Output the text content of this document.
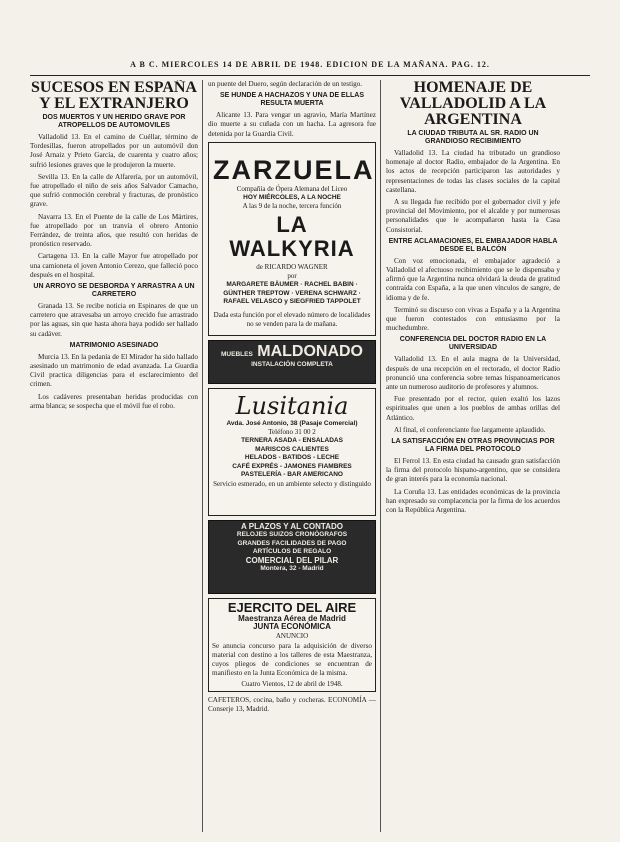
A B C. MIERCOLES 14 DE ABRIL DE 1948. EDICION DE LA MAÑANA. PAG. 12.
SUCESOS EN ESPAÑA Y EL EXTRANJERO
DOS MUERTOS Y UN HERIDO GRAVE POR ATROPELLOS DE AUTOMOVILES

Valladolid 13. En el camino de Cuéllar, término de Tordesillas, fueron atropellados por un automóvil don José Arnaiz y Prieto García, de cuarenta y cuatro años; sufrió lesiones graves que le produjeron la muerte.

Sevilla 13. En la calle de Alfarería, por un automóvil, fue atropellado el niño de seis años Salvador Camacho, que sufrió conmoción cerebral y fracturas, de pronóstico grave.

Navarra 13. En el Puente de la calle de Los Mártires, fue atropellado por un tranvía el obrero Antonio Ferrández, de treinta años, que resultó con heridas de pronóstico reservado.

Cartagena 13. En la calle Mayor fue atropellado por una camioneta el joven Antonio Cerezo, que falleció poco después en el hospital.

UN ARROYO SE DESBORDA Y ARRASTRA A UN CARRETERO

Granada 13. Se recibe noticia en Espinares de que un carretero que atravesaba un arroyo crecido fue arrastrado por las aguas, sin que hasta ahora haya podido ser hallado su cadáver.

MATRIMONIO ASESINADO

Murcia 13. En la pedanía de El Mirador ha sido hallado asesinado un matrimonio de edad avanzada. La Guardia Civil practica diligencias para el esclarecimiento del crimen.

Los cadáveres presentaban heridas producidas con arma blanca; se sospecha que el móvil fue el robo.

un puente del Duero, según declaración de un testigo.

SE HUNDE A HACHAZOS Y UNA DE ELLAS RESULTA MUERTA

Alicante 13. Para vengar un agravio, María Martínez dio muerte a su cuñada con un hacha. La agresora fue detenida por la Guardia Civil.

ZARZUELA
Compañía de Ópera Alemana del Liceo
HOY MIÉRCOLES, A LA NOCHE
A las 9 de la noche, tercera función
LA WALKYRIA
de RICARDO WAGNER
por
MARGARETE BÄUMER · RACHEL BABIN · GÜNTHER TREPTOW · VERENA SCHWARZ · RAFAEL VELASCO y SIEGFRIED TAPPOLET
Dada esta función por el elevado número de localidades no se venden para la de mañana.
MUEBLES MALDONADO
INSTALACIÓN COMPLETA
Lusitania
Avda. José Antonio, 38 (Pasaje Comercial)
Teléfono 31 00 2
TERNERA ASADA - ENSALADAS
MARISCOS CALIENTES
HELADOS - BATIDOS - LECHE
CAFÉ EXPRÉS - JAMONES FIAMBRES
PASTELERÍA - BAR AMERICANO
Servicio esmerado, en un ambiente selecto y distinguido
A PLAZOS Y AL CONTADO
RELOJES SUIZOS CRONÓGRAFOS
GRANDES FACILIDADES DE PAGO
ARTÍCULOS DE REGALO
COMERCIAL DEL PILAR
Montera, 32 - Madrid
EJERCITO DEL AIRE
Maestranza Aérea de Madrid
JUNTA ECONÓMICA
ANUNCIO

Se anuncia concurso para la adquisición de diverso material con destino a los talleres de esta Maestranza, cuyos pliegos de condiciones se encuentran de manifiesto en la Junta Económica de la misma.

Cuatro Vientos, 12 de abril de 1948.

CAFETEROS, cocina, baño y cocheras. ECONOMÍA — Conserje 13, Madrid.

HOMENAJE DE VALLADOLID A LA ARGENTINA
LA CIUDAD TRIBUTA AL SR. RADIO UN GRANDIOSO RECIBIMIENTO

Valladolid 13. La ciudad ha tributado un grandioso homenaje al doctor Radio, embajador de la Argentina. En los actos de recepción participaron las autoridades y representaciones de todas las clases sociales de la capital castellana.

A su llegada fue recibido por el gobernador civil y jefe provincial del Movimiento, por el alcalde y por numerosas personalidades que le acompañaron hasta la Casa Consistorial.

ENTRE ACLAMACIONES, EL EMBAJADOR HABLA DESDE EL BALCÓN

Con voz emocionada, el embajador agradeció a Valladolid el afectuoso recibimiento que se le dispensaba y afirmó que la Argentina nunca olvidará la deuda de gratitud contraída con España, a la que unen vínculos de sangre, de idioma y de fe.

Terminó su discurso con vivas a España y a la Argentina que fueron contestados con entusiasmo por la muchedumbre.

CONFERENCIA DEL DOCTOR RADIO EN LA UNIVERSIDAD

Valladolid 13. En el aula magna de la Universidad, después de una recepción en el rectorado, el doctor Radio pronunció una conferencia sobre temas hispanoamericanos ante un numeroso auditorio de profesores y alumnos.

Fue presentado por el rector, quien exaltó los lazos espirituales que unen a los pueblos de ambas orillas del Atlántico.

Al final, el conferenciante fue largamente aplaudido.

LA SATISFACCIÓN EN OTRAS PROVINCIAS POR LA FIRMA DEL PROTOCOLO

El Ferrol 13. En esta ciudad ha causado gran satisfacción la firma del protocolo hispano-argentino, que se considera de gran interés para la economía nacional.

La Coruña 13. Las entidades económicas de la provincia han expresado su complacencia por la firma de los acuerdos con la República Argentina.
